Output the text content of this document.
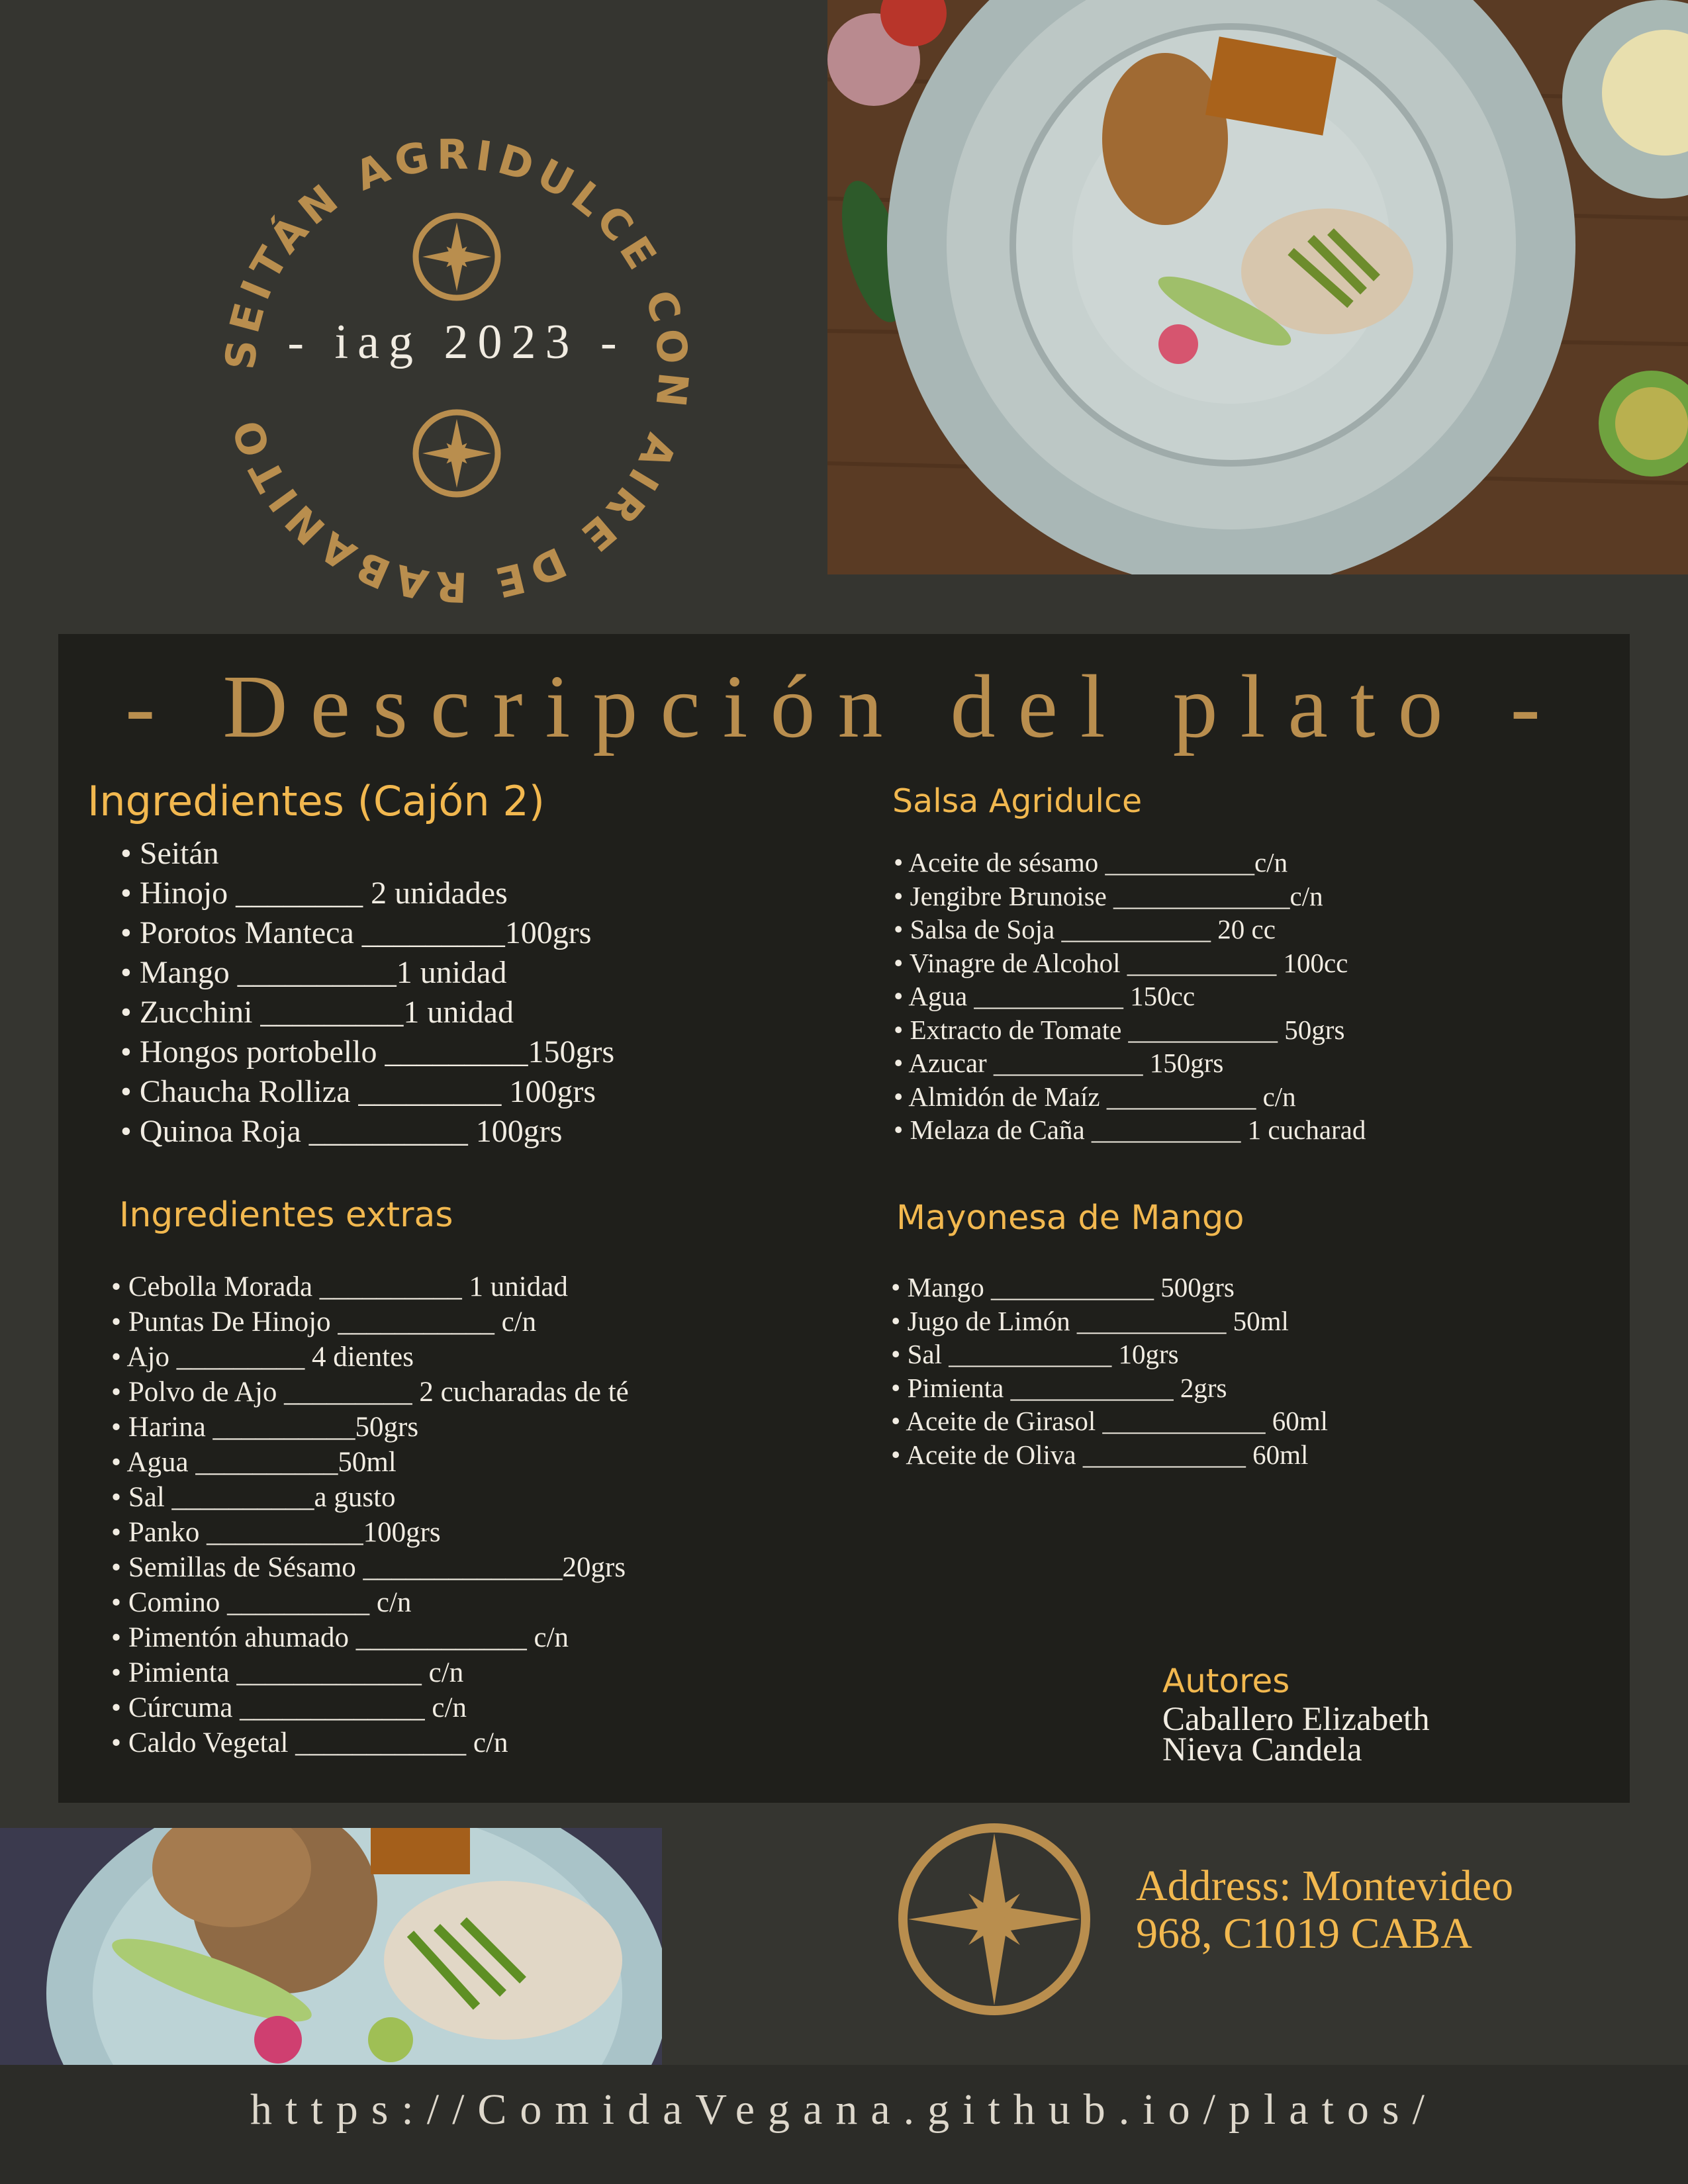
SEITÁN AGRIDULCE CON AIRE DE RABANITO
- iag 2023 -
- Descripción del plato -
Ingredientes (Cajón 2)
• Seitán
• Hinojo ________ 2 unidades
• Porotos Manteca _________100grs
• Mango __________1 unidad
• Zucchini _________1 unidad
• Hongos portobello _________150grs
• Chaucha Rolliza _________ 100grs
• Quinoa Roja __________ 100grs
Salsa Agridulce
• Aceite de sésamo ___________c/n
• Jengibre Brunoise _____________c/n
• Salsa de Soja ___________ 20 cc
• Vinagre de Alcohol ___________ 100cc
• Agua ___________ 150cc
• Extracto de Tomate ___________ 50grs
• Azucar ___________ 150grs
• Almidón de Maíz ___________ c/n
• Melaza de Caña ___________ 1 cucharad
Ingredientes extras
• Cebolla Morada __________ 1 unidad
• Puntas De Hinojo ___________ c/n
• Ajo _________ 4 dientes
• Polvo de Ajo _________ 2 cucharadas de té
• Harina __________50grs
• Agua __________50ml
• Sal __________a gusto
• Panko ___________100grs
• Semillas de Sésamo ______________20grs
• Comino __________ c/n
• Pimentón ahumado ____________ c/n
• Pimienta _____________ c/n
• Cúrcuma _____________ c/n
• Caldo Vegetal ____________ c/n
Mayonesa de Mango
• Mango ____________ 500grs
• Jugo de Limón ___________ 50ml
• Sal ____________ 10grs
• Pimienta ____________ 2grs
• Aceite de Girasol ____________ 60ml
• Aceite de Oliva ____________ 60ml
Autores
Caballero Elizabeth
Nieva Candela
Address: Montevideo
968, C1019 CABA
https://ComidaVegana.github.io/platos/
